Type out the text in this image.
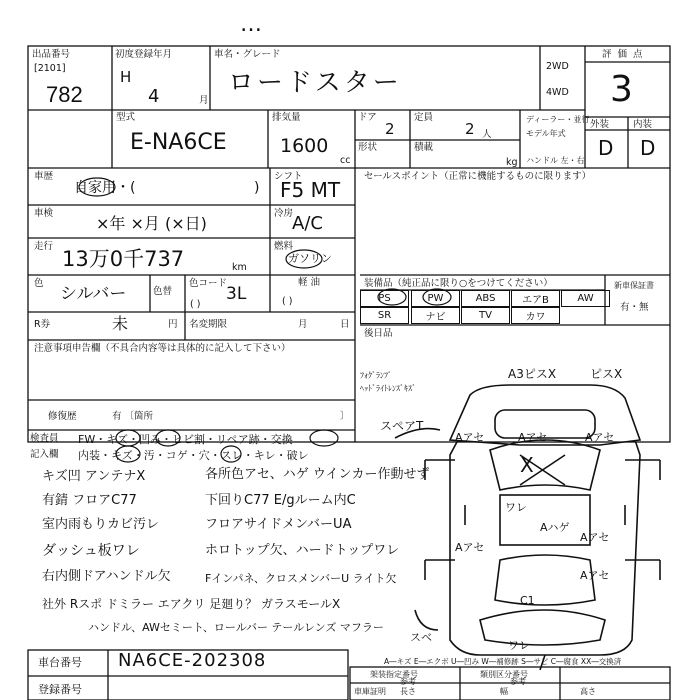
…
出品番号
[2101]
782
初度登録年月
H
4	月
車名・グレード
ロードスター
2WD
4WD
評価点
3
外装	内装
D D
型式
E-NA6CE
排気量
1600
cc
ドア
2
定員
2 人
形状	積載
kg
ディーラー・並行
モデル年式
ハンドル 左・右
車歴
自家用・(	)
シフト
F5 MT
車検
×年 ×月 (×日)
冷房
A/C
走行
13万0千737	km
燃料
ガソリン
軽 油
( )
色
シルバー	色替
色コード
3L
( )
R券	未	円 名変期限	月	日
セールスポイント（正常に機能するものに限ります）
装備品（純正品に限り○をつけてください）	新車保証書
有・無
PS	PW	ABS	エアB	AW
SR	ナビ	TV	カワ
後日品
注意事項申告欄（不具合内容等は具体的に記入して下さい）
修復歴	有 〔箇所	〕
検査員
記入欄
FW・キズ・凹み・ヒビ割・リペア跡・交換
内装・キズ・汚・コゲ・穴・スレ・キレ・破レ
ﾌｫｸﾞﾗﾝﾌﾟ
ﾍｯﾄﾞﾗｲﾄﾚﾝｽﾞｷｽﾞ
A3ピスX	ピスX
スペアT
キズ凹 アンテナX	各所色アセ、ハゲ ウインカー作動せず
有錆 フロアC77	下回りC77 E/gルーム内C
室内雨もりカビ汚レ	フロアサイドメンバーUA
ダッシュ板ワレ	ホロトップ欠、ハードトップワレ
右内側ドアハンドル欠	Fインパネ、クロスメンバーU ライト欠
社外 Rスポ ドミラー エアクリ 足廻り？ ガラスモールX
ハンドル、AWセミート、ロールバー テールレンズ マフラー
Aアセ	Aアセ	Aアセ
X
ワレ
Aハゲ
Aアセ
Aアセ
Aアセ
C1
ワレ
スベ
車台番号 NA6CE-202308
登録番号
A―キズ E―エクボ U―凹み W―補修跡 S―サビ C―腐食 XX―交換済
架装指定番号	類別区分番号
車庫証明 長さ	幅	高さ
参考	参考
